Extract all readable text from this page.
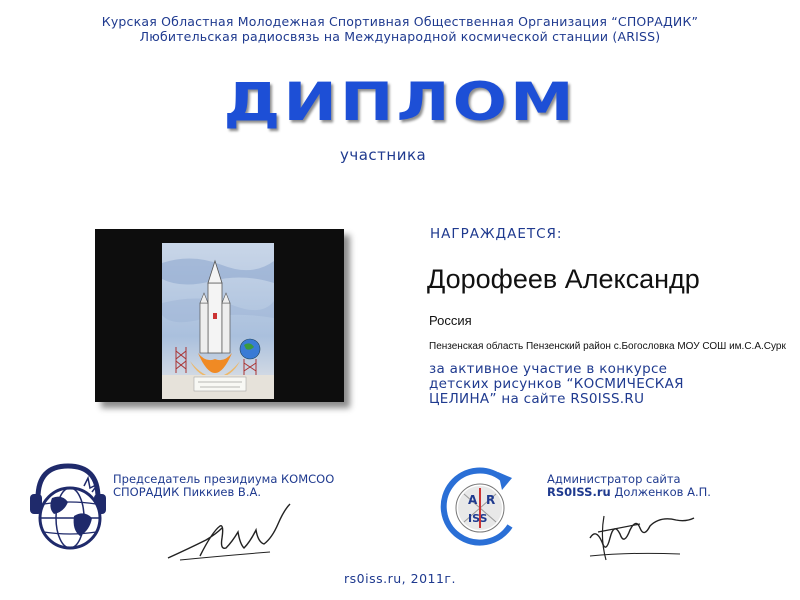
Курская Областная Молодежная Спортивная Общественная Организация “СПОРАДИК”
Любительская радиосвязь на Международной космической станции (ARISS)
ДИПЛОМ
участника
НАГРАЖДАЕТСЯ:
Дорофеев Александр
Россия
Пензенская область Пензенский район с.Богословка МОУ СОШ им.С.А.Сурк
за активное участие в конкурсе
детских рисунков “КОСМИЧЕСКАЯ
ЦЕЛИНА” на сайте RS0ISS.RU
Председатель президиума КОМСОО
СПОРАДИК Пиккиев В.А.
A R
ISS
Администратор сайта
RS0ISS.ru Долженков А.П.
rs0iss.ru, 2011г.
